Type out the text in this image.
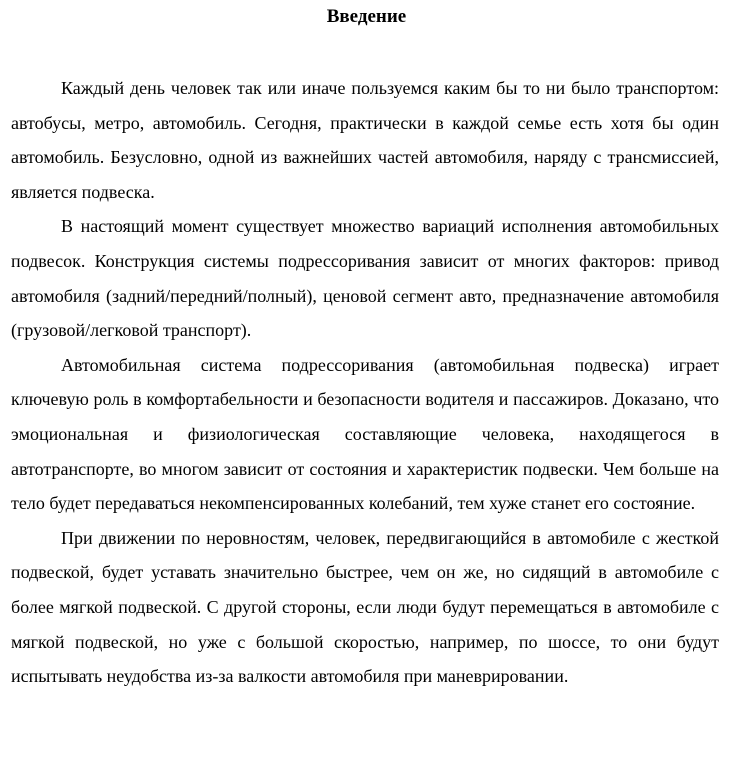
Введение

Каждый день человек так или иначе пользуемся каким бы то ни было транспортом: автобусы, метро, автомобиль. Сегодня, практически в каждой семье есть хотя бы один автомобиль. Безусловно, одной из важнейших частей автомобиля, наряду с трансмиссией, является подвеска.

В настоящий момент существует множество вариаций исполнения автомобильных подвесок. Конструкция системы подрессоривания зависит от многих факторов: привод автомобиля (задний/передний/полный), ценовой сегмент авто, предназначение автомобиля (грузовой/легковой транспорт).

Автомобильная система подрессоривания (автомобильная подвеска) играет ключевую роль в комфортабельности и безопасности водителя и пассажиров. Доказано, что эмоциональная и физиологическая составляющие человека, находящегося в автотранспорте, во многом зависит от состояния и характеристик подвески. Чем больше на тело будет передаваться некомпенсированных колебаний, тем хуже станет его состояние.

При движении по неровностям, человек, передвигающийся в автомобиле с жесткой подвеской, будет уставать значительно быстрее, чем он же, но сидящий в автомобиле с более мягкой подвеской. С другой стороны, если люди будут перемещаться в автомобиле с мягкой подвеской, но уже с большой скоростью, например, по шоссе, то они будут испытывать неудобства из-за валкости автомобиля при маневрировании.
